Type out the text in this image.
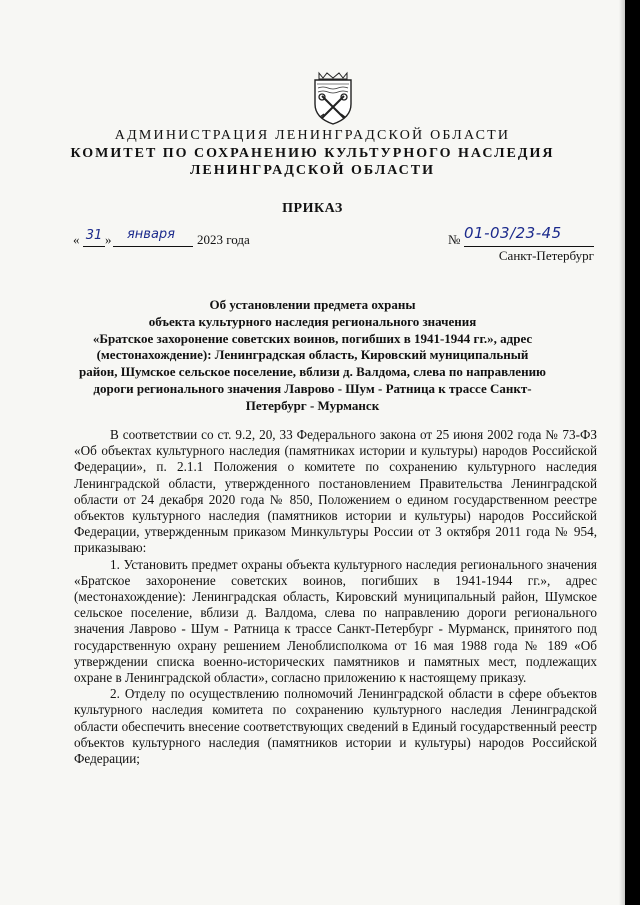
АДМИНИСТРАЦИЯ ЛЕНИНГРАДСКОЙ ОБЛАСТИ
КОМИТЕТ ПО СОХРАНЕНИЮ КУЛЬТУРНОГО НАСЛЕДИЯ
ЛЕНИНГРАДСКОЙ ОБЛАСТИ
ПРИКАЗ
« 31 »	января	2023 года	№ 01-03/23-45
Санкт-Петербург
Об установлении предмета охраны
объекта культурного наследия регионального значения
«Братское захоронение советских воинов, погибших в 1941-1944 гг.», адрес
(местонахождение): Ленинградская область, Кировский муниципальный
район, Шумское сельское поселение, вблизи д. Валдома, слева по направлению
дороги регионального значения Лаврово - Шум - Ратница к трассе Санкт-
Петербург - Мурманск

В соответствии со ст. 9.2, 20, 33 Федерального закона от 25 июня 2002 года № 73-ФЗ «Об объектах культурного наследия (памятниках истории и культуры) народов Российской Федерации», п. 2.1.1 Положения о комитете по сохранению культурного наследия Ленинградской области, утвержденного постановлением Правительства Ленинградской области от 24 декабря 2020 года № 850, Положением о едином государственном реестре объектов культурного наследия (памятников истории и культуры) народов Российской Федерации, утвержденным приказом Минкультуры России от 3 октября 2011 года № 954, приказываю:

1. Установить предмет охраны объекта культурного наследия регионального значения «Братское захоронение советских воинов, погибших в 1941-1944 гг.», адрес (местонахождение): Ленинградская область, Кировский муниципальный район, Шумское сельское поселение, вблизи д. Валдома, слева по направлению дороги регионального значения Лаврово - Шум - Ратница к трассе Санкт-Петербург - Мурманск, принятого под государственную охрану решением Леноблисполкома от 16 мая 1988 года № 189 «Об утверждении списка военно-исторических памятников и памятных мест, подлежащих охране в Ленинградской области», согласно приложению к настоящему приказу.

2. Отделу по осуществлению полномочий Ленинградской области в сфере объектов культурного наследия комитета по сохранению культурного наследия Ленинградской области обеспечить внесение соответствующих сведений в Единый государственный реестр объектов культурного наследия (памятников истории и культуры) народов Российской Федерации;
